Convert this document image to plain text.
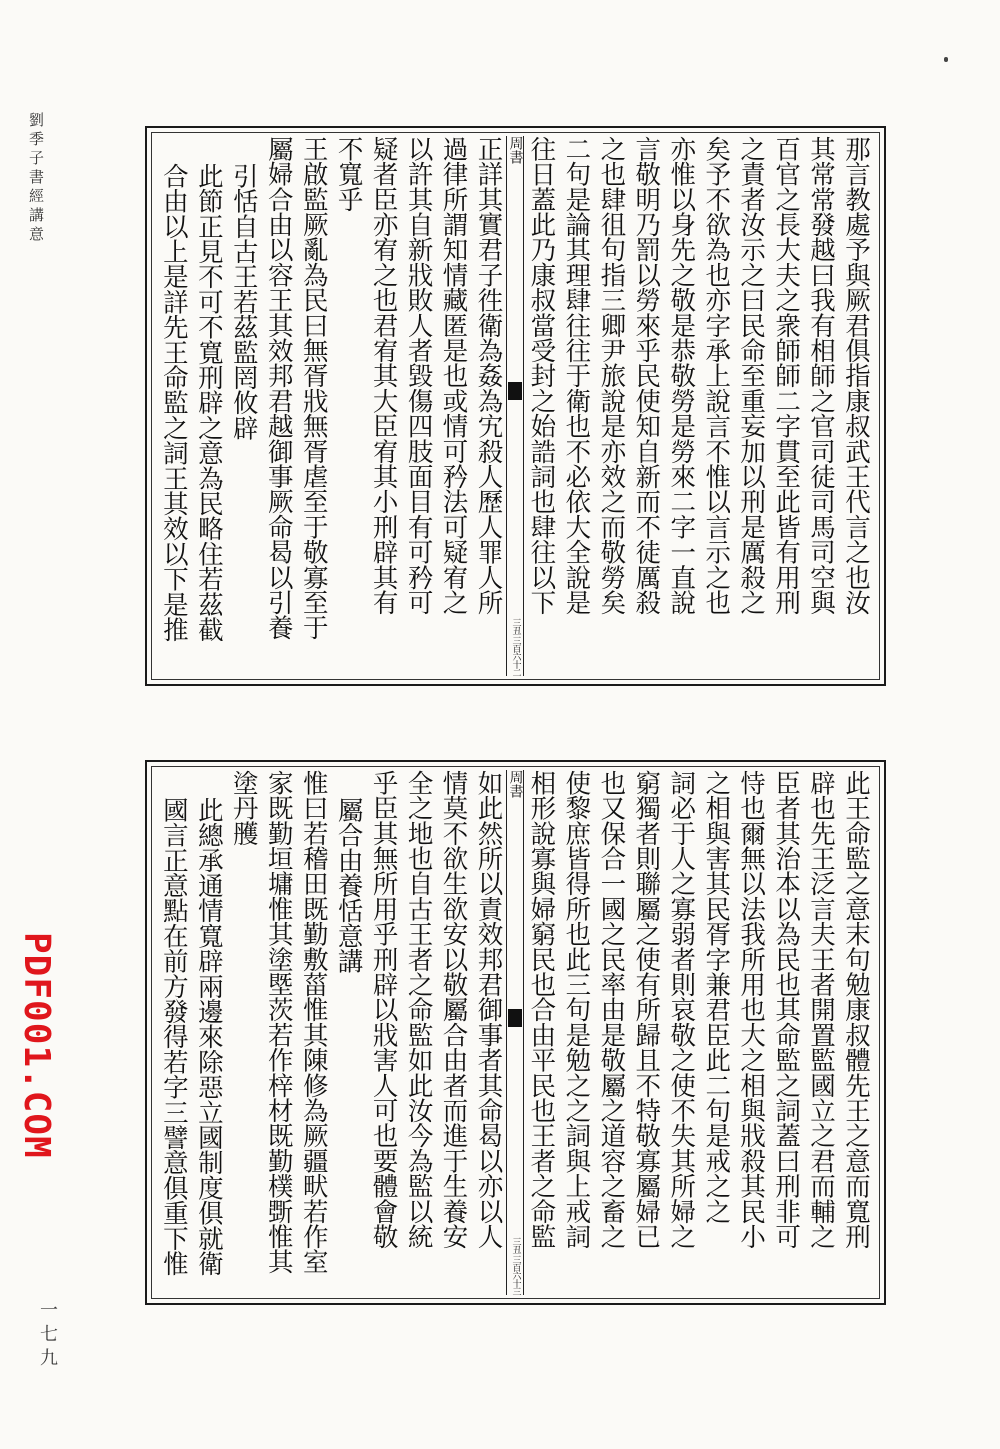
劉季子書經講意
PDF001.COM
一七九
那言教處予與厥君俱指康叔武王代言之也汝
其常常發越曰我有相師之官司徒司馬司空與
百官之長大夫之衆師師二字貫至此皆有用刑
之責者汝示之曰民命至重妄加以刑是厲殺之
矣予不欲為也亦字承上說言不惟以言示之也
亦惟以身先之敬是恭敬勞是勞來二字一直說
言敬明乃罰以勞來乎民使知自新而不徒厲殺
之也肆徂句指三卿尹旅說是亦效之而敬勞矣
二句是論其理肆往往于衛也不必依大全說是
往日蓋此乃康叔當受封之始誥詞也肆往以下
周書
三丑 三百六十二
正詳其實君子徃衛為姦為宄殺人歷人罪人所
過律所謂知情藏匿是也或情可矜法可疑宥之
以許其自新戕敗人者毀傷四肢面目有可矜可
疑者臣亦宥之也君宥其大臣宥其小刑辟其有
不寬乎
王啟監厥亂為民曰無胥戕無胥虐至于敬寡至于
屬婦合由以容王其效邦君越御事厥命曷以引養
引恬自古王若茲監罔攸辟
此節正見不可不寬刑辟之意為民略住若茲截
合由以上是詳先王命監之詞王其效以下是推
此王命監之意末句勉康叔體先王之意而寬刑
辟也先王泛言夫王者開置監國立之君而輔之
臣者其治本以為民也其命監之詞蓋曰刑非可
恃也爾無以法我所用也大之相與戕殺其民小
之相與害其民胥字兼君臣此二句是戒之之
詞必于人之寡弱者則哀敬之使不失其所婦之
窮獨者則聯屬之使有所歸且不特敬寡屬婦已
也又保合一國之民率由是敬屬之道容之畜之
使黎庶皆得所也此三句是勉之之詞與上戒詞
相形說寡與婦窮民也合由平民也王者之命監
周書
三丑 三百六十三
如此然所以責效邦君御事者其命曷以亦以人
情莫不欲生欲安以敬屬合由者而進于生養安
全之地也自古王者之命監如此汝今為監以統
乎臣其無所用乎刑辟以戕害人可也要體會敬
屬合由養恬意講
惟曰若稽田既勤敷菑惟其陳修為厥疆畎若作室
家既勤垣墉惟其塗塈茨若作梓材既勤樸斲惟其
塗丹雘
此總承通情寬辟兩邊來除惡立國制度俱就衛
國言正意點在前方發得若字三譬意俱重下惟
